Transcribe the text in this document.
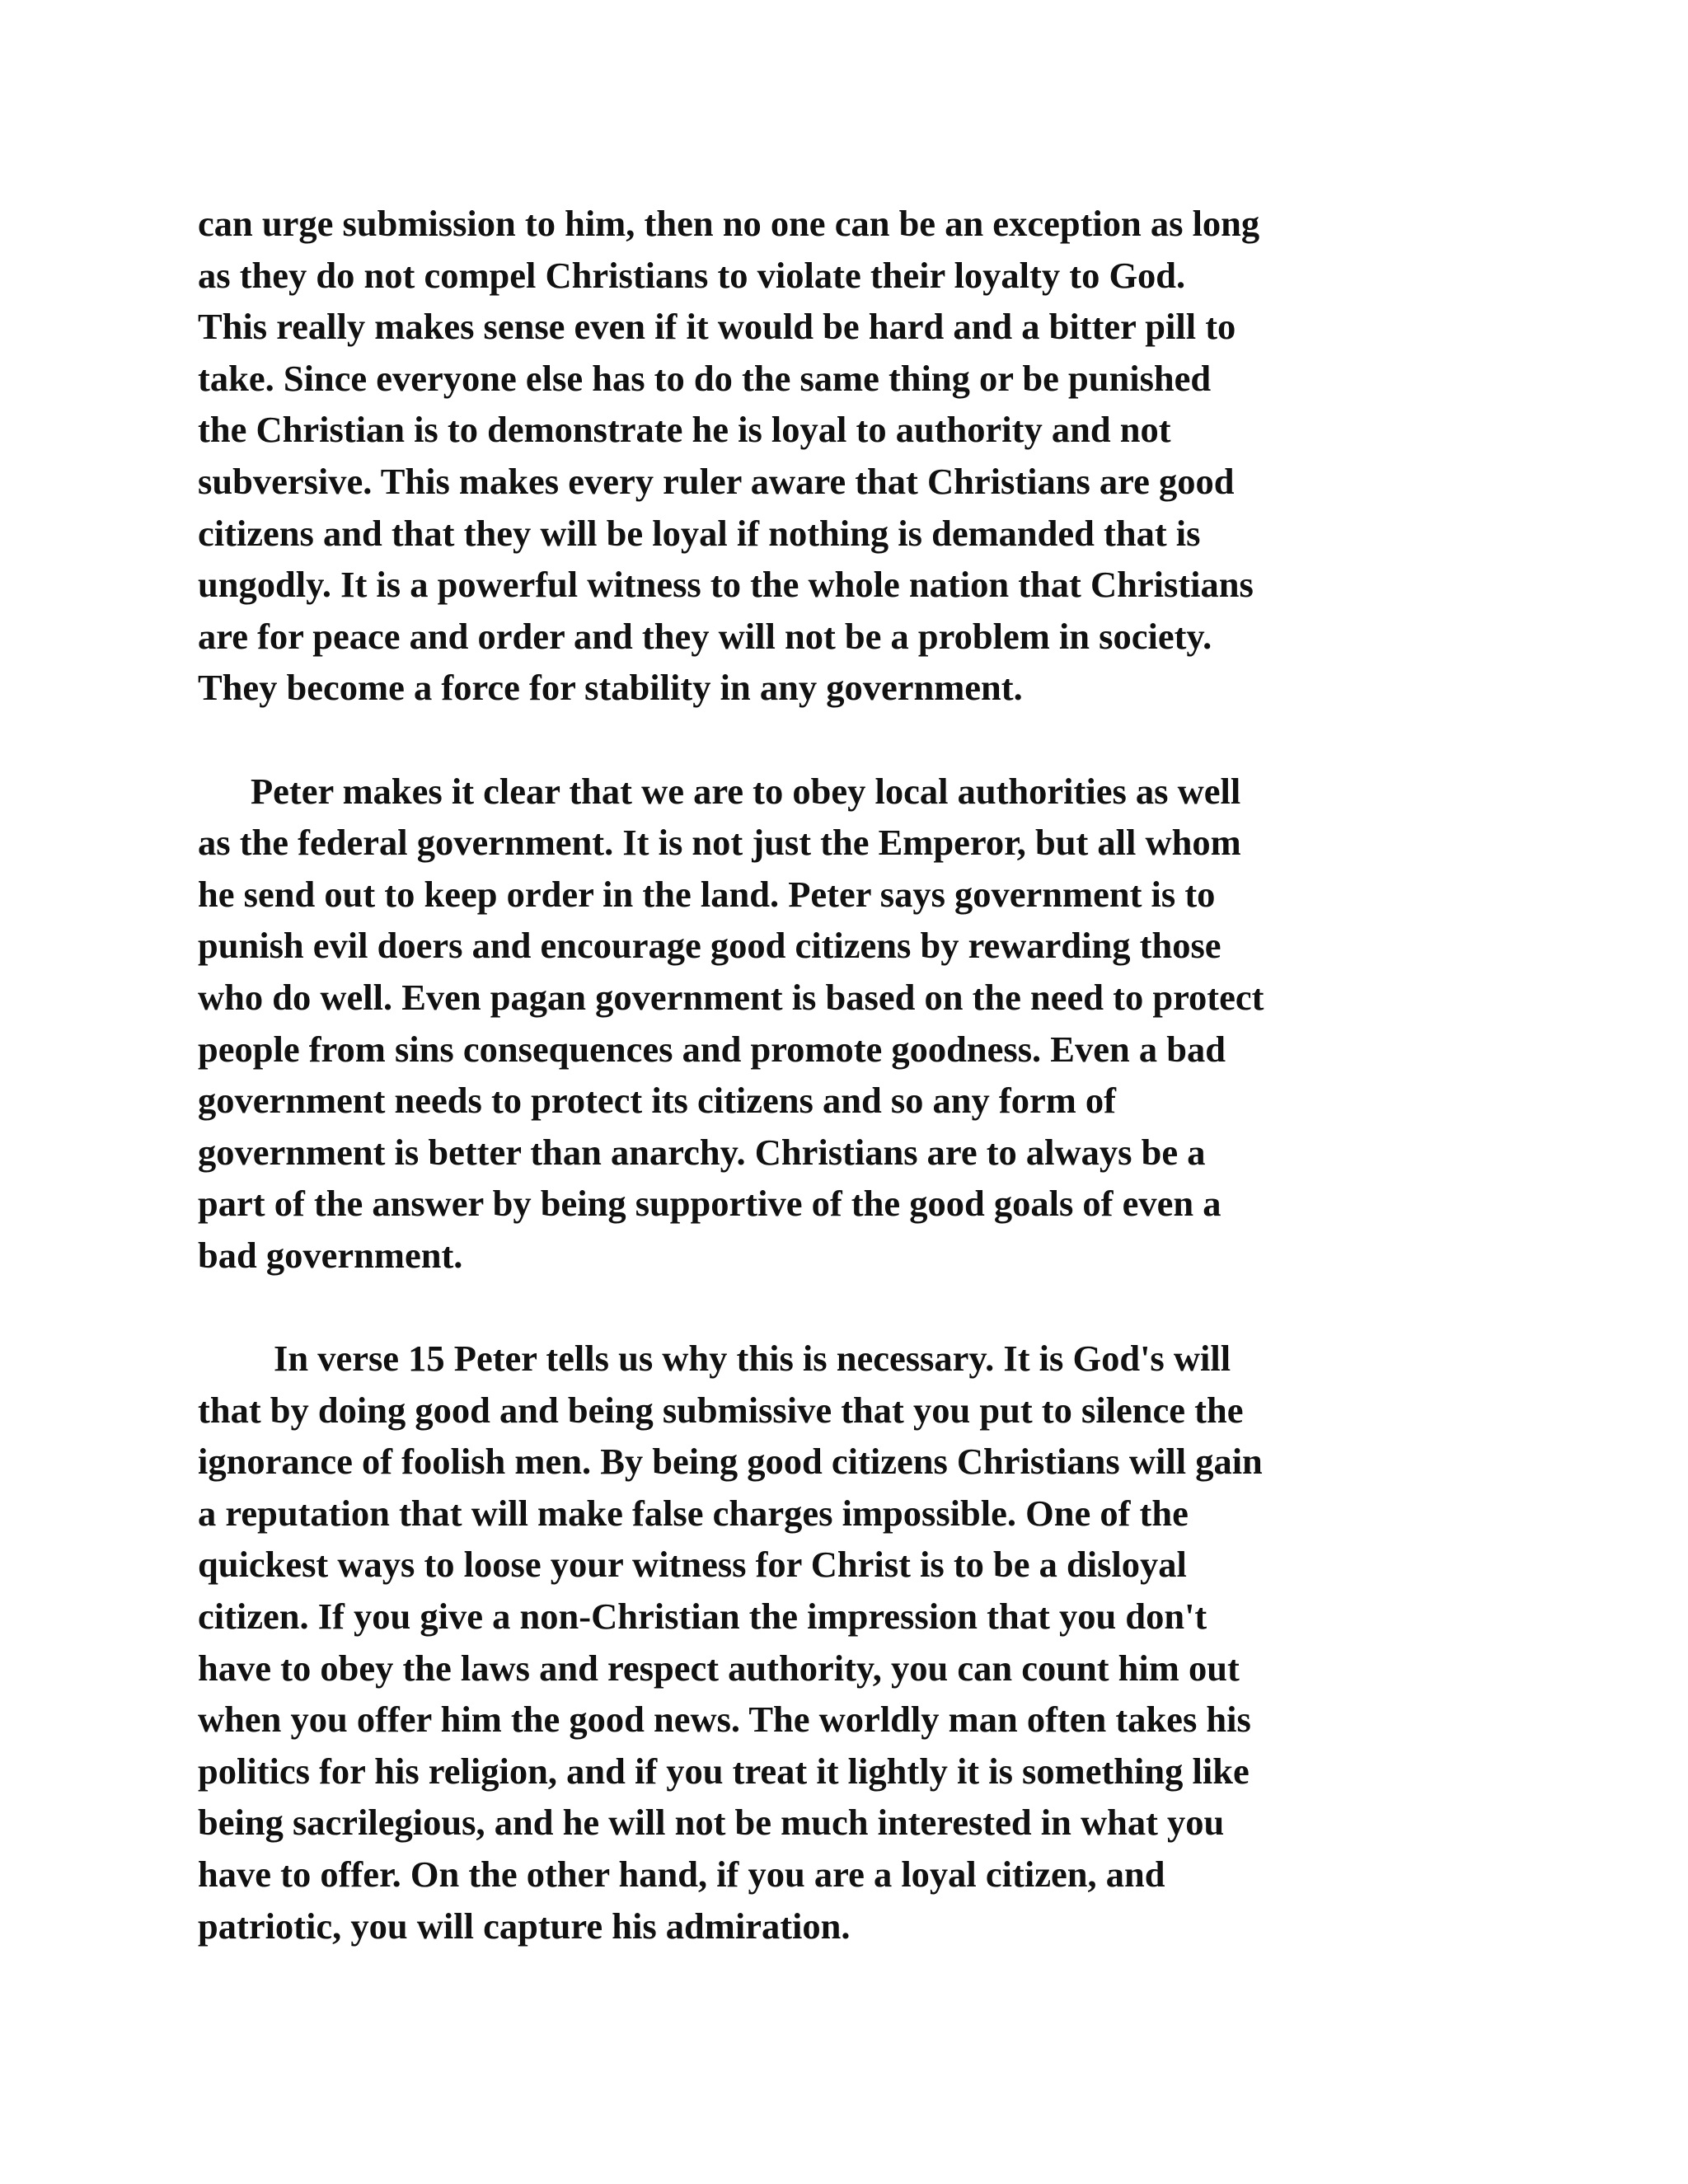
can urge submission to him, then no one can be an exception as long
as they do not compel Christians to violate their loyalty to God.
This really makes sense even if it would be hard and a bitter pill to
take. Since everyone else has to do the same thing or be punished
the Christian is to demonstrate he is loyal to authority and not
subversive. This makes every ruler aware that Christians are good
citizens and that they will be loyal if nothing is demanded that is
ungodly. It is a powerful witness to the whole nation that Christians
are for peace and order and they will not be a problem in society.
They become a force for stability in any government.
Peter makes it clear that we are to obey local authorities as well
as the federal government. It is not just the Emperor, but all whom
he send out to keep order in the land. Peter says government is to
punish evil doers and encourage good citizens by rewarding those
who do well. Even pagan government is based on the need to protect
people from sins consequences and promote goodness. Even a bad
government needs to protect its citizens and so any form of
government is better than anarchy. Christians are to always be a
part of the answer by being supportive of the good goals of even a
bad government.
In verse 15 Peter tells us why this is necessary. It is God's will
that by doing good and being submissive that you put to silence the
ignorance of foolish men. By being good citizens Christians will gain
a reputation that will make false charges impossible. One of the
quickest ways to loose your witness for Christ is to be a disloyal
citizen. If you give a non-Christian the impression that you don't
have to obey the laws and respect authority, you can count him out
when you offer him the good news. The worldly man often takes his
politics for his religion, and if you treat it lightly it is something like
being sacrilegious, and he will not be much interested in what you
have to offer. On the other hand, if you are a loyal citizen, and
patriotic, you will capture his admiration.
